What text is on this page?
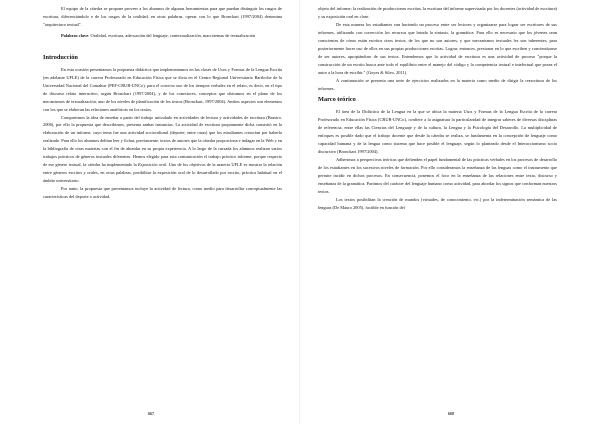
El equipo de la cátedra se propone proveer a los alumnos de algunas herramientas para que puedan distinguir los rasgos de escritura, diferenciándolo e de los rasgos de la oralidad, en otras palabras, operar con lo que Bronckart (1997/2004) denomina "arquitectura textual".

Palabras clave: Oralidad, escritura, adecuación del lenguaje, contextualización, macrotemas de textualización

Introducción

En esta ocasión presentamos la propuesta didáctica que implementamos en las clases de Usos y Formas de la Lengua Escrita (en adelante UFLE) de la carrera Profesorado en Educación Física que se dicta en el Centro Regional Universitario Bariloche de la Universidad Nacional del Comahue (PEF-CRUB-UNCo), para el correcto uso de los tiempos verbales en el relato, es decir, en el tipo de discurso relato interactivo, según Bronckart (1997/2004), y de los conectores, conceptos que ubicamos en el plano de los mecanismos de textualización, uno de los niveles de planificación de los textos (Bronckart, 1997/2004). Ambos aspectos son elementos con los que se elaboran las relaciones anafóricas en los textos.

Compartimos la idea de enseñar a partir del trabajo articulado en actividades de lectura y actividades de escritura (Bassiro, 2006), por ello la propuesta que describimos, presenta ambas instancias. La actividad de escritura propiamente dicha consistió en la elaboración de un informe, cuyo tema fue una actividad sociocultural (deporte, entre otras) que los estudiantes conocían por haberla realizado. Para ello los alumnos debían leer y fichar, previamente, textos de autores que la cátedra proporciona e indagar en la Web y en la bibliografía de otras materias con el fin de ahondar en su propia experiencia. A lo largo de la cursada los alumnos realizan varios trabajos prácticos de géneros textuales diferentes. Hemos elegido para esta comunicación el trabajo práctico informe, porque respecto de ese género textual, la cátedra ha implementado la Exposición oral. Uno de los objetivos de la materia UFLE es mostrar la relación entre géneros escritos y orales, en otras palabras, posibilitar la exposición oral de lo desarrollado por escrito, práctica habitual en el ámbito universitario.

Por tanto, la propuesta que presentamos incluye la actividad de lectura, como medio para desarrollar conceptualmente las características del deporte o actividad,

667

objeto del informe; la realización de producciones escritas, la escritura del informe supervisada por los docentes (actividad de escritura) y su exposición oral en clase.

De esta manera los estudiantes van haciendo un proceso entre ser lectores y organizarse para lograr ser escritores de sus informes, utilizando con corrección los recursos que brinda la sintaxis, la gramática. Para ello es necesario que los jóvenes sean conscientes de cómo están escritos otros textos, de los que no son autores, y que mecanismos textuales les son inherentes, para posteriormente hacer uso de ellos en sus propias producciones escritas. Lograr, entonces, presionar en lo que escriben y concientizarse de ser autores, apropiándose de sus textos. Entendemos que la actividad de escritura es una actividad de proceso "porque la construcción de un escrito busca ante todo el equilibrio entre el manejo del código y la competencia textual e intelectual que posea el autor a la hora de escribir." (Goyes & Sileo, 2011).

A continuación se presenta una serie de ejercicios realizados en la materia como medio de dirigir la reescritura de los informes.

Marco teórico

El área de la Didáctica de la Lengua en la que se ubica la materia Usos y Formas de la Lengua Escrita de la carrera Profesorado en Educación Física (CRUB-UNCo), confiere a la asignatura la particularidad de integrar saberes de diversas disciplinas de referencia, entre ellas las Ciencias del Lenguaje y de la cultura, la Lengua y la Psicología del Desarrollo. La multiplicidad de enfoques es posible dado que el trabajo docente que desde la cátedra se realiza, se fundamenta en la concepción de lenguaje como capacidad humana y de la lengua como sistema que hace posible el lenguaje, según lo planteado desde el Interaccionismo socio discursivo (Bronckart 1997/2004).

Adherimos a perspectivas teóricas que defienden el papel fundamental de las prácticas verbales en los procesos de desarrollo de los estudiantes en los sucesivos niveles de formación. Por ello consideramos la enseñanza de las lenguas como el instrumento que permite incidir en dichos procesos. En consecuencia, ponemos el foco en la enseñanza de las relaciones entre texto, discurso y enseñanza de la gramática. Partimos del carácter del lenguaje humano como actividad, para abordar los signos que conforman nuestros textos.

Los textos posibilitan la creación de mundos (virtuales, de conocimiento, etc.) por la indeterminación semántica de las lenguas (De Mauro 2005), factible en función del

668
